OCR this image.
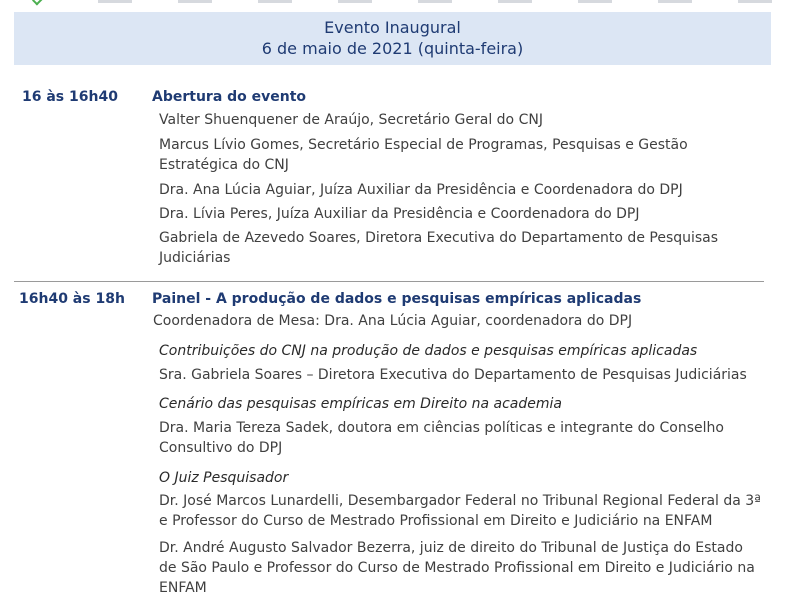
Evento Inaugural
6 de maio de 2021 (quinta-feira)
16 às 16h40 Abertura do evento
Valter Shuenquener de Araújo, Secretário Geral do CNJ
Marcus Lívio Gomes, Secretário Especial de Programas, Pesquisas e Gestão Estratégica do CNJ
Dra. Ana Lúcia Aguiar, Juíza Auxiliar da Presidência e Coordenadora do DPJ
Dra. Lívia Peres, Juíza Auxiliar da Presidência e Coordenadora do DPJ
Gabriela de Azevedo Soares, Diretora Executiva do Departamento de Pesquisas Judiciárias
16h40 às 18h Painel - A produção de dados e pesquisas empíricas aplicadas
Coordenadora de Mesa: Dra. Ana Lúcia Aguiar, coordenadora do DPJ
Contribuições do CNJ na produção de dados e pesquisas empíricas aplicadas
Sra. Gabriela Soares – Diretora Executiva do Departamento de Pesquisas Judiciárias
Cenário das pesquisas empíricas em Direito na academia
Dra. Maria Tereza Sadek, doutora em ciências políticas e integrante do Conselho Consultivo do DPJ
O Juiz Pesquisador
Dr. José Marcos Lunardelli, Desembargador Federal no Tribunal Regional Federal da 3ª e Professor do Curso de Mestrado Profissional em Direito e Judiciário na ENFAM
Dr. André Augusto Salvador Bezerra, juiz de direito do Tribunal de Justiça do Estado de São Paulo e Professor do Curso de Mestrado Profissional em Direito e Judiciário na ENFAM
